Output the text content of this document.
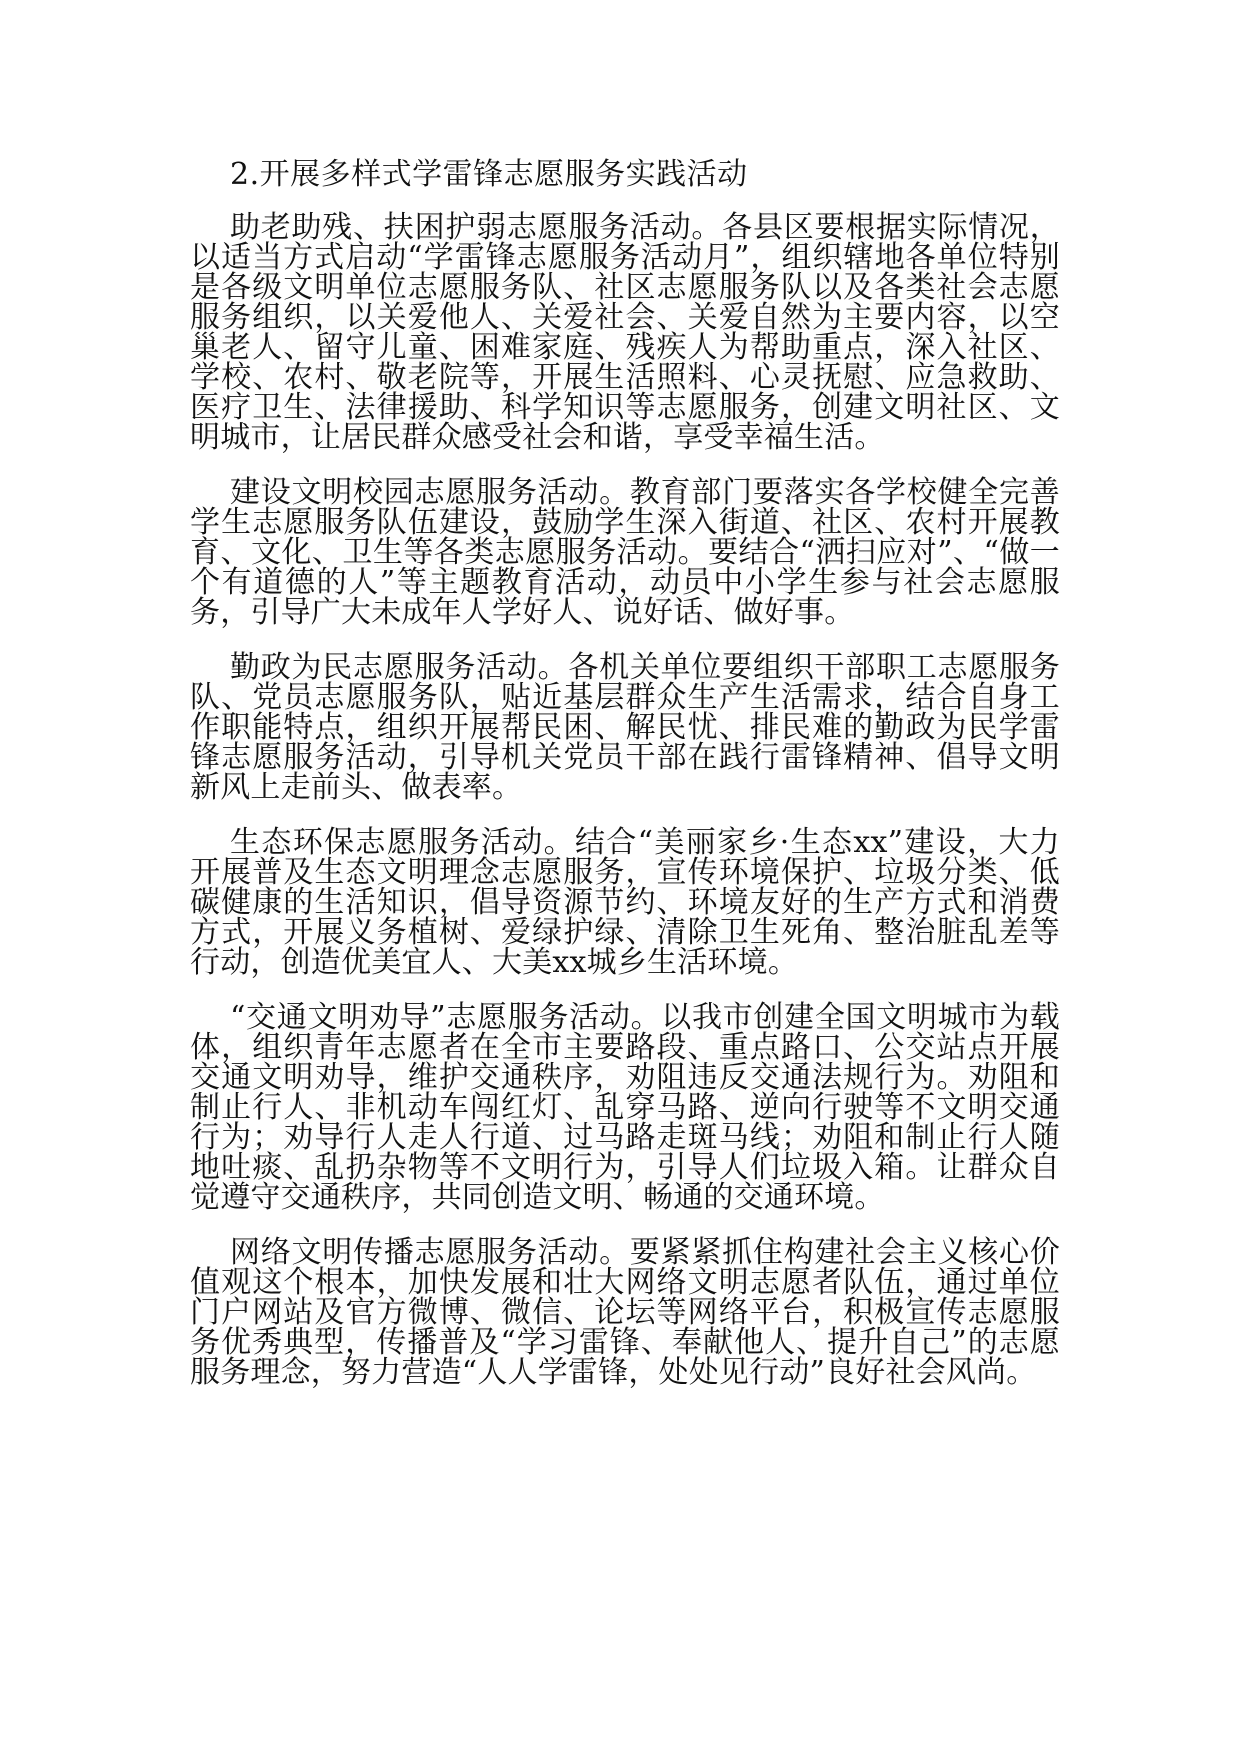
2.开展多样式学雷锋志愿服务实践活动

助老助残、扶困护弱志愿服务活动。各县区要根据实际情况，以适当方式启动“学雷锋志愿服务活动月”，组织辖地各单位特别是各级文明单位志愿服务队、社区志愿服务队以及各类社会志愿服务组织，以关爱他人、关爱社会、关爱自然为主要内容，以空巢老人、留守儿童、困难家庭、残疾人为帮助重点，深入社区、学校、农村、敬老院等，开展生活照料、心灵抚慰、应急救助、医疗卫生、法律援助、科学知识等志愿服务，创建文明社区、文明城市，让居民群众感受社会和谐，享受幸福生活。

建设文明校园志愿服务活动。教育部门要落实各学校健全完善学生志愿服务队伍建设，鼓励学生深入街道、社区、农村开展教育、文化、卫生等各类志愿服务活动。要结合“洒扫应对”、“做一个有道德的人”等主题教育活动，动员中小学生参与社会志愿服务，引导广大未成年人学好人、说好话、做好事。

勤政为民志愿服务活动。各机关单位要组织干部职工志愿服务队、党员志愿服务队，贴近基层群众生产生活需求，结合自身工作职能特点，组织开展帮民困、解民忧、排民难的勤政为民学雷锋志愿服务活动，引导机关党员干部在践行雷锋精神、倡导文明新风上走前头、做表率。

生态环保志愿服务活动。结合“美丽家乡·生态xx”建设，大力开展普及生态文明理念志愿服务，宣传环境保护、垃圾分类、低碳健康的生活知识，倡导资源节约、环境友好的生产方式和消费方式，开展义务植树、爱绿护绿、清除卫生死角、整治脏乱差等行动，创造优美宜人、大美xx城乡生活环境。

“交通文明劝导”志愿服务活动。以我市创建全国文明城市为载体，组织青年志愿者在全市主要路段、重点路口、公交站点开展交通文明劝导，维护交通秩序，劝阻违反交通法规行为。劝阻和制止行人、非机动车闯红灯、乱穿马路、逆向行驶等不文明交通行为；劝导行人走人行道、过马路走斑马线；劝阻和制止行人随地吐痰、乱扔杂物等不文明行为，引导人们垃圾入箱。让群众自觉遵守交通秩序，共同创造文明、畅通的交通环境。

网络文明传播志愿服务活动。要紧紧抓住构建社会主义核心价值观这个根本，加快发展和壮大网络文明志愿者队伍，通过单位门户网站及官方微博、微信、论坛等网络平台，积极宣传志愿服务优秀典型，传播普及“学习雷锋、奉献他人、提升自己”的志愿服务理念，努力营造“人人学雷锋，处处见行动”良好社会风尚。
